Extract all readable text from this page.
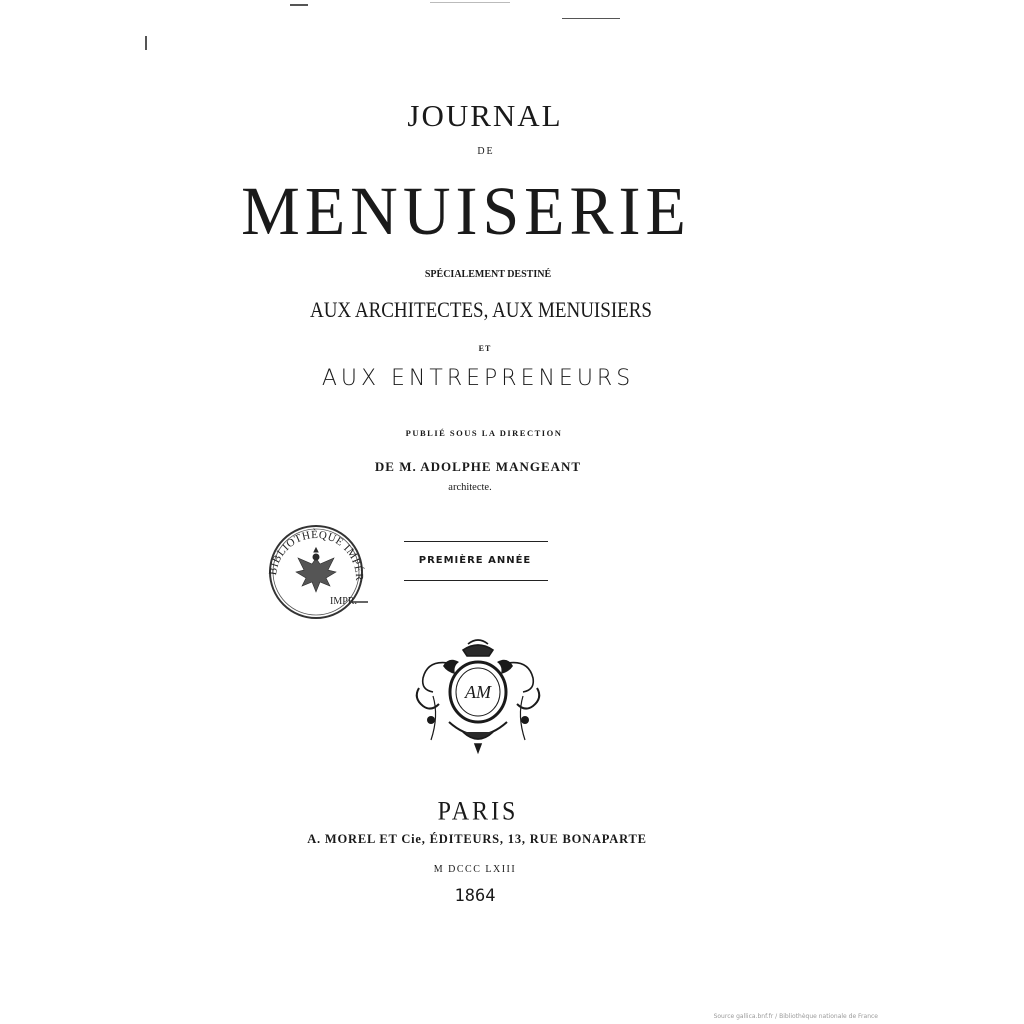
JOURNAL
DE
MENUISERIE
SPÉCIALEMENT DESTINÉ
AUX ARCHITECTES, AUX MENUISIERS
ET
AUX ENTREPRENEURS
PUBLIÉ SOUS LA DIRECTION
DE M. ADOLPHE MANGEANT
architecte.
BIBLIOTHÈQUE IMPÉRIALE
IMPR.
PREMIÈRE ANNÉE
AM
PARIS
A. MOREL ET Cie, ÉDITEURS, 13, RUE BONAPARTE
M DCCC LXIII
1864
Source gallica.bnf.fr / Bibliothèque nationale de France
